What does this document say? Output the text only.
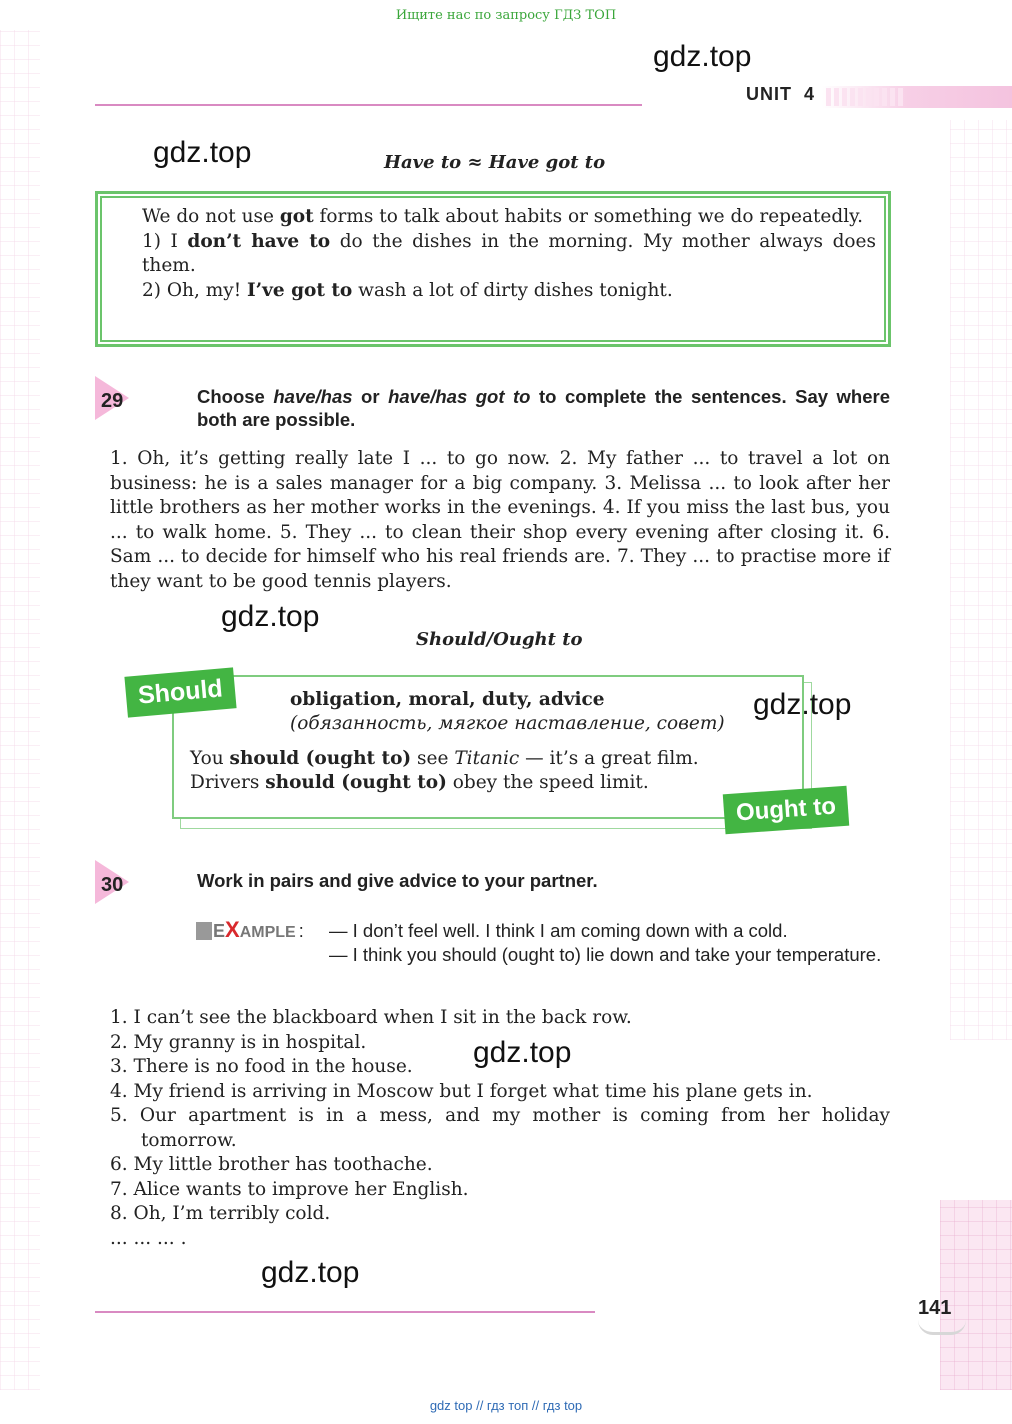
Ищите нас по запросу ГДЗ ТОП
gdz.top
UNIT 4
gdz.top	Have to ≈ Have got to
We do not use got forms to talk about habits or something we do repeatedly.
1) I don’t have to do the dishes in the morning. My mother always does them.
2) Oh, my! I’ve got to wash a lot of dirty dishes tonight.
29	Choose have/has or have/has got to to complete the sentences. Say where both are possible.
1. Oh, it’s getting really late I ... to go now. 2. My father ... to travel a lot on business: he is a sales manager for a big company. 3. Melissa ... to look after her little brothers as her mother works in the evenings. 4. If you miss the last bus, you ... to walk home. 5. They ... to clean their shop every evening after closing it. 6. Sam ... to decide for himself who his real friends are. 7. They ... to practise more if they want to be good tennis players.
gdz.top
Should/Ought to
Should	gdz.top
obligation, moral, duty, advice
(обязанность, мягкое наставление, совет)
You should (ought to) see Titanic — it’s a great film.
Drivers should (ought to) obey the speed limit.
Ought to
30	Work in pairs and give advice to your partner.
EXAMPLE : — I don’t feel well. I think I am coming down with a cold.
— I think you should (ought to) lie down and take your temperature.
1. I can’t see the blackboard when I sit in the back row.
2. My granny is in hospital.
3. There is no food in the house.
4. My friend is arriving in Moscow but I forget what time his plane gets in.
5. Our apartment is in a mess, and my mother is coming from her holiday tomorrow.
6. My little brother has toothache.
7. Alice wants to improve her English.
8. Oh, I’m terribly cold.
... ... ... .
gdz.top
gdz.top
141
gdz top // гдз топ // гдз top
